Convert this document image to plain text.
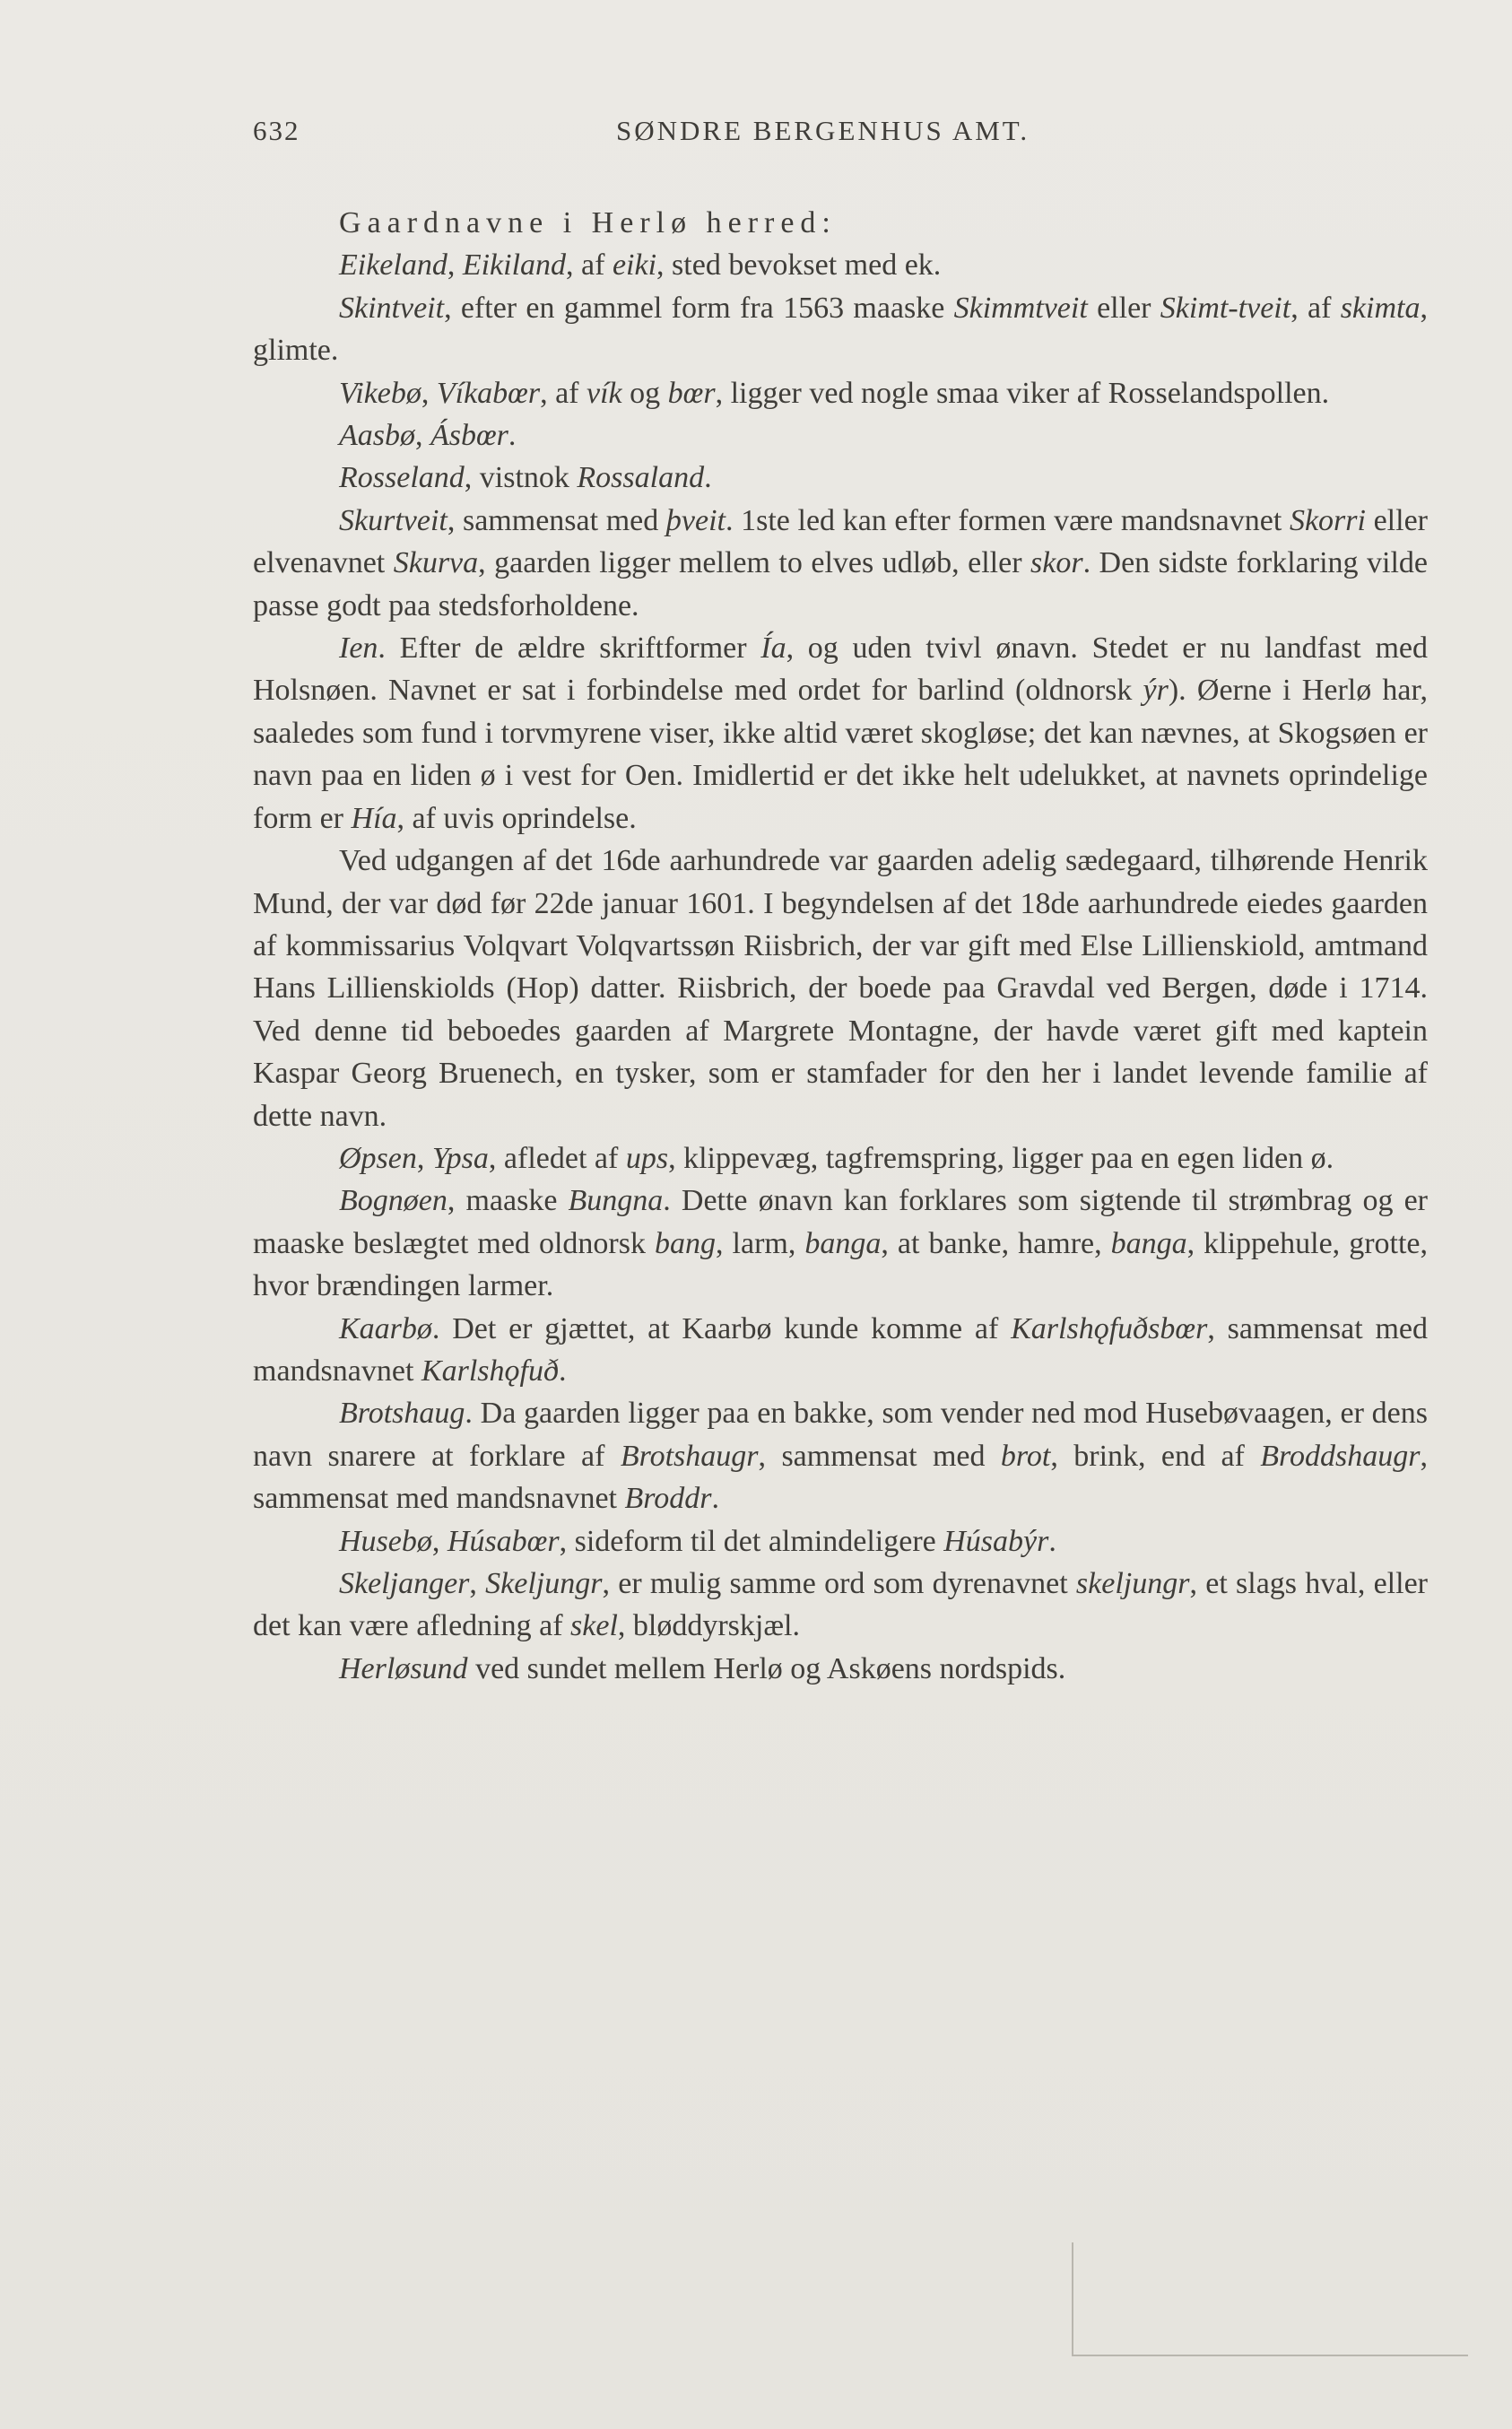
632	SØNDRE BERGENHUS AMT.

Gaardnavne i Herlø herred:

Eikeland, Eikiland, af eiki, sted bevokset med ek.

Skintveit, efter en gammel form fra 1563 maaske Skimmtveit eller Skimt-tveit, af skimta, glimte.

Vikebø, Víkabœr, af vík og bœr, ligger ved nogle smaa viker af Rosselandspollen.

Aasbø, Ásbœr.

Rosseland, vistnok Rossaland.

Skurtveit, sammensat med þveit. 1ste led kan efter formen være mandsnavnet Skorri eller elvenavnet Skurva, gaarden ligger mellem to elves udløb, eller skor. Den sidste forklaring vilde passe godt paa stedsforholdene.

Ien. Efter de ældre skriftformer Ía, og uden tvivl ønavn. Stedet er nu landfast med Holsnøen. Navnet er sat i forbindelse med ordet for barlind (oldnorsk ýr). Øerne i Herlø har, saaledes som fund i torvmyrene viser, ikke altid været skogløse; det kan nævnes, at Skogsøen er navn paa en liden ø i vest for Oen. Imidlertid er det ikke helt udelukket, at navnets oprindelige form er Hía, af uvis oprindelse.

Ved udgangen af det 16de aarhundrede var gaarden adelig sædegaard, tilhørende Henrik Mund, der var død før 22de januar 1601. I begyndelsen af det 18de aarhundrede eiedes gaarden af kommissarius Volqvart Volqvartssøn Riisbrich, der var gift med Else Lillienskiold, amtmand Hans Lillienskiolds (Hop) datter. Riisbrich, der boede paa Gravdal ved Bergen, døde i 1714. Ved denne tid beboedes gaarden af Margrete Montagne, der havde været gift med kaptein Kaspar Georg Bruenech, en tysker, som er stamfader for den her i landet levende familie af dette navn.

Øpsen, Ypsa, afledet af ups, klippevæg, tagfremspring, ligger paa en egen liden ø.

Bognøen, maaske Bungna. Dette ønavn kan forklares som sigtende til strømbrag og er maaske beslægtet med oldnorsk bang, larm, banga, at banke, hamre, banga, klippehule, grotte, hvor brændingen larmer.

Kaarbø. Det er gjættet, at Kaarbø kunde komme af Karlshǫfuðsbœr, sammensat med mandsnavnet Karlshǫfuð.

Brotshaug. Da gaarden ligger paa en bakke, som vender ned mod Husebøvaagen, er dens navn snarere at forklare af Brotshaugr, sammensat med brot, brink, end af Broddshaugr, sammensat med mandsnavnet Broddr.

Husebø, Húsabœr, sideform til det almindeligere Húsabýr.

Skeljanger, Skeljungr, er mulig samme ord som dyrenavnet skeljungr, et slags hval, eller det kan være afledning af skel, bløddyrskjæl.

Herløsund ved sundet mellem Herlø og Askøens nordspids.
